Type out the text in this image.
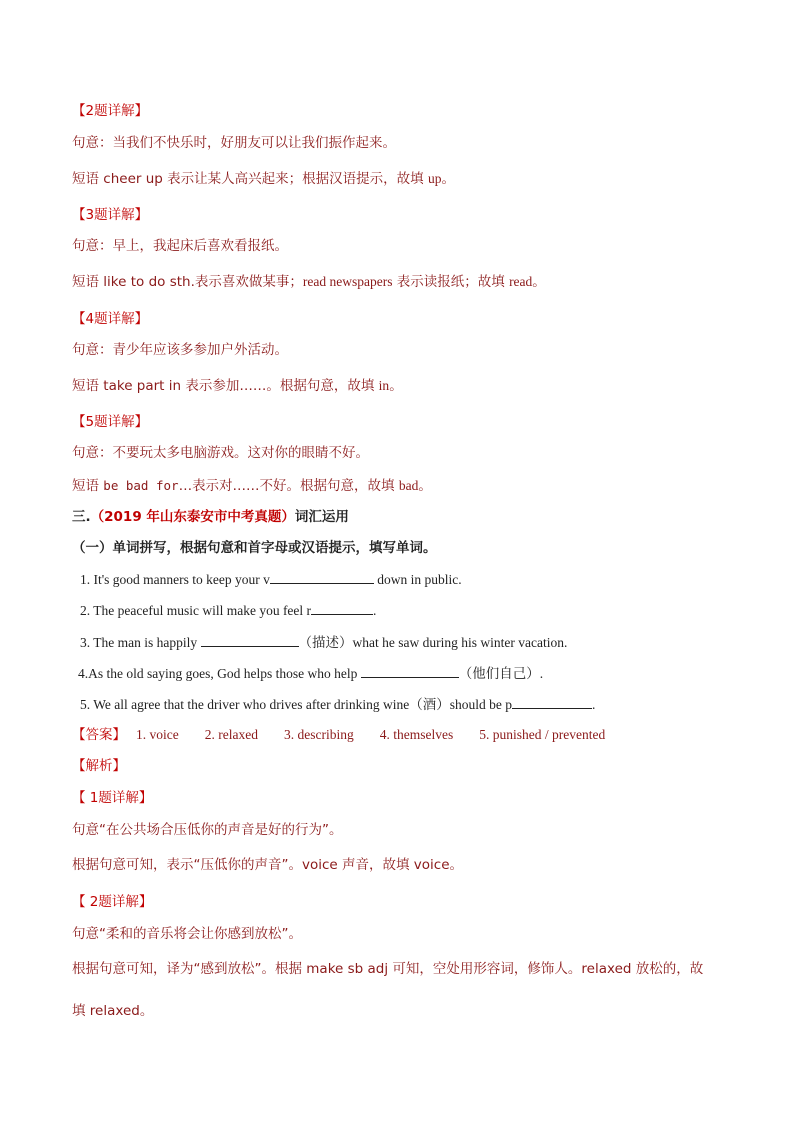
【2题详解】
句意：当我们不快乐时，好朋友可以让我们振作起来。
短语 cheer up 表示让某人高兴起来；根据汉语提示，故填 up。
【3题详解】
句意：早上，我起床后喜欢看报纸。
短语 like to do sth.表示喜欢做某事；read newspapers 表示读报纸；故填 read。
【4题详解】
句意：青少年应该多参加户外活动。
短语 take part in 表示参加……。根据句意，故填 in。
【5题详解】
句意：不要玩太多电脑游戏。这对你的眼睛不好。
短语 be bad for…表示对……不好。根据句意，故填 bad。
三.（2019 年山东泰安市中考真题）词汇运用
（一）单词拼写，根据句意和首字母或汉语提示，填写单词。
1. It's good manners to keep your v	down in public.
2. The peaceful music will make you feel r	.
3. The man is happily	（描述）what he saw during his winter vacation.
4.As the old saying goes, God helps those who help	（他们自己）.
5. We all agree that the driver who drives after drinking wine（酒）should be p	.
【答案】 1. voice 2. relaxed 3. describing 4. themselves 5. punished / prevented
【解析】
【 1题详解】
句意“在公共场合压低你的声音是好的行为”。
根据句意可知，表示“压低你的声音”。voice 声音，故填 voice。
【 2题详解】
句意“柔和的音乐将会让你感到放松”。
根据句意可知，译为“感到放松”。根据 make sb adj 可知，空处用形容词，修饰人。relaxed 放松的，故
填 relaxed。
